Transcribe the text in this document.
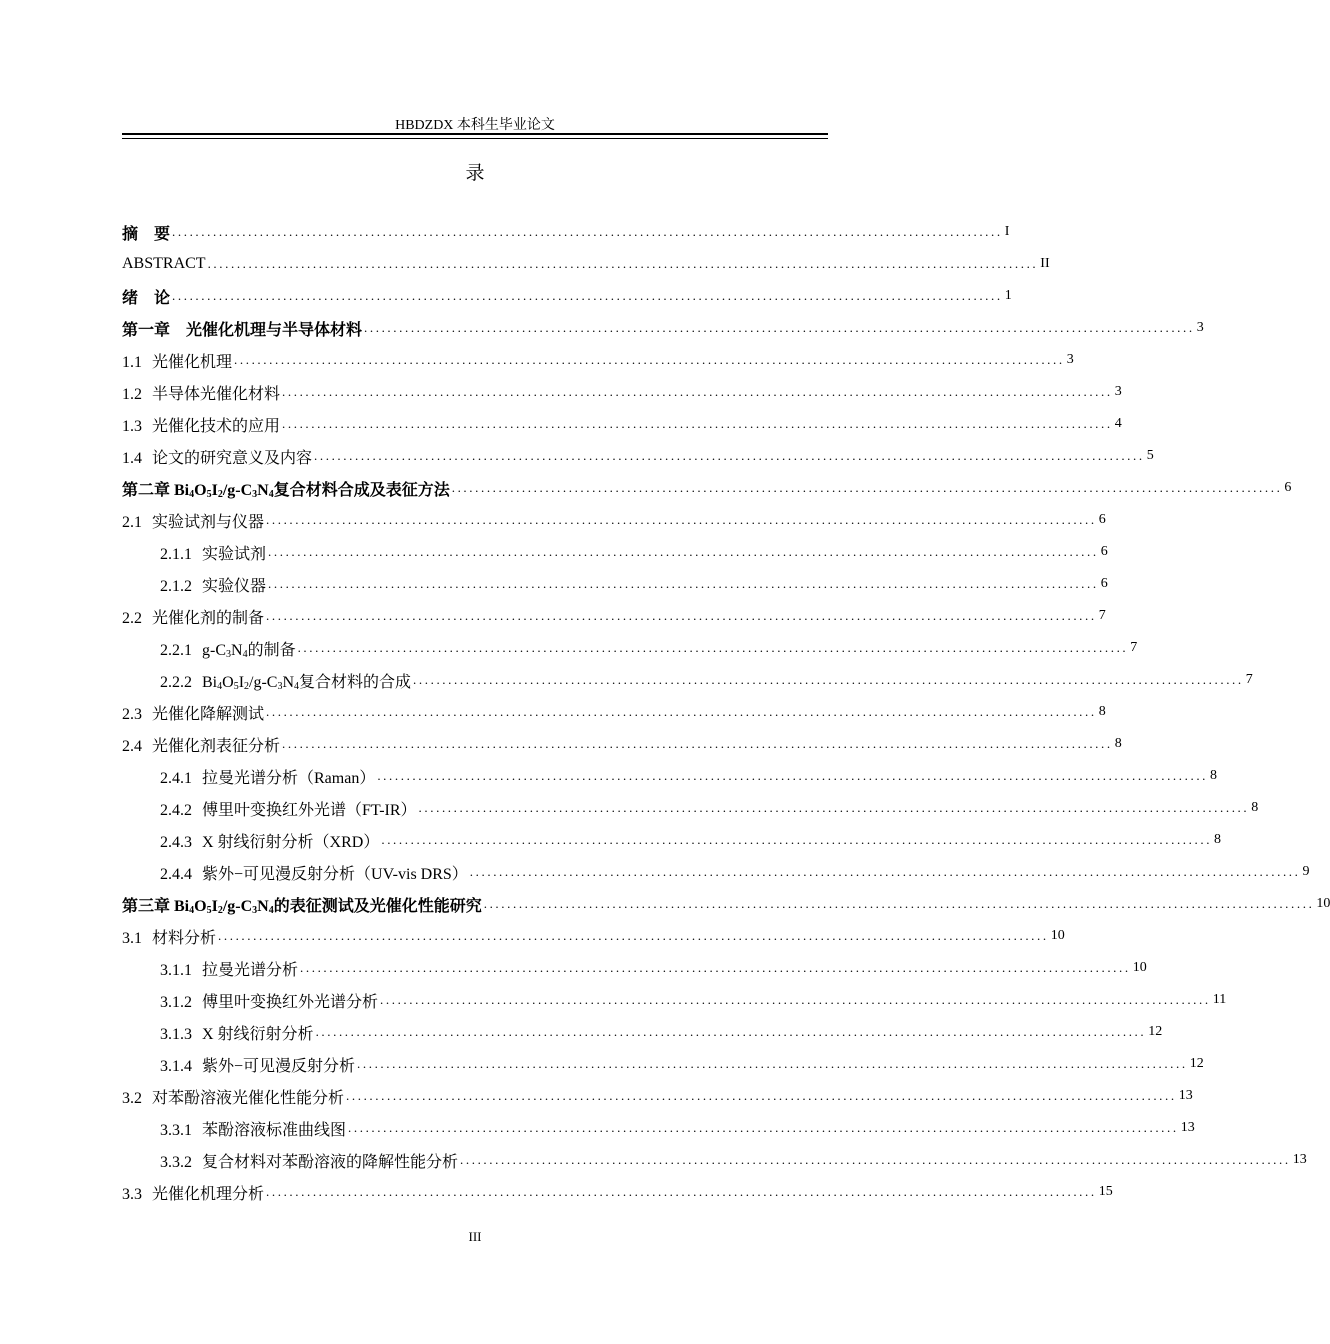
HBDZDX 本科生毕业论文
录
摘　要 .............................................................................................................................................. I
ABSTRACT .............................................................................................................................................. II
绪　论 .............................................................................................................................................. 1
第一章　光催化机理与半导体材料 .............................................................................................................................................. 3
1.1 光催化机理 .............................................................................................................................................. 3
1.2 半导体光催化材料 .............................................................................................................................................. 3
1.3 光催化技术的应用 .............................................................................................................................................. 4
1.4 论文的研究意义及内容 .............................................................................................................................................. 5
第二章 $Bi_4O_5I_2/g-C_3N_4$复合材料合成及表征方法 .............................................................................................................................................. 6
2.1 实验试剂与仪器 .............................................................................................................................................. 6
2.1.1 实验试剂 .............................................................................................................................................. 6
2.1.2 实验仪器 .............................................................................................................................................. 6
2.2 光催化剂的制备 .............................................................................................................................................. 7
2.2.1 $g-C_3N_4$的制备 .............................................................................................................................................. 7
2.2.2 $Bi_4O_5I_2/g-C_3N_4$复合材料的合成 .............................................................................................................................................. 7
2.3 光催化降解测试 .............................................................................................................................................. 8
2.4 光催化剂表征分析 .............................................................................................................................................. 8
2.4.1 拉曼光谱分析（Raman） .............................................................................................................................................. 8
2.4.2 傅里叶变换红外光谱（FT-IR） .............................................................................................................................................. 8
2.4.3 X 射线衍射分析（XRD） .............................................................................................................................................. 8
2.4.4 紫外−可见漫反射分析（UV-vis DRS） .............................................................................................................................................. 9
第三章 $Bi_4O_5I_2/g-C_3N_4$的表征测试及光催化性能研究 .............................................................................................................................................. 10
3.1 材料分析 .............................................................................................................................................. 10
3.1.1 拉曼光谱分析 .............................................................................................................................................. 10
3.1.2 傅里叶变换红外光谱分析 .............................................................................................................................................. 11
3.1.3 X 射线衍射分析 .............................................................................................................................................. 12
3.1.4 紫外−可见漫反射分析 .............................................................................................................................................. 12
3.2 对苯酚溶液光催化性能分析 .............................................................................................................................................. 13
3.3.1 苯酚溶液标准曲线图 .............................................................................................................................................. 13
3.3.2 复合材料对苯酚溶液的降解性能分析 .............................................................................................................................................. 13
3.3 光催化机理分析 .............................................................................................................................................. 15
III
